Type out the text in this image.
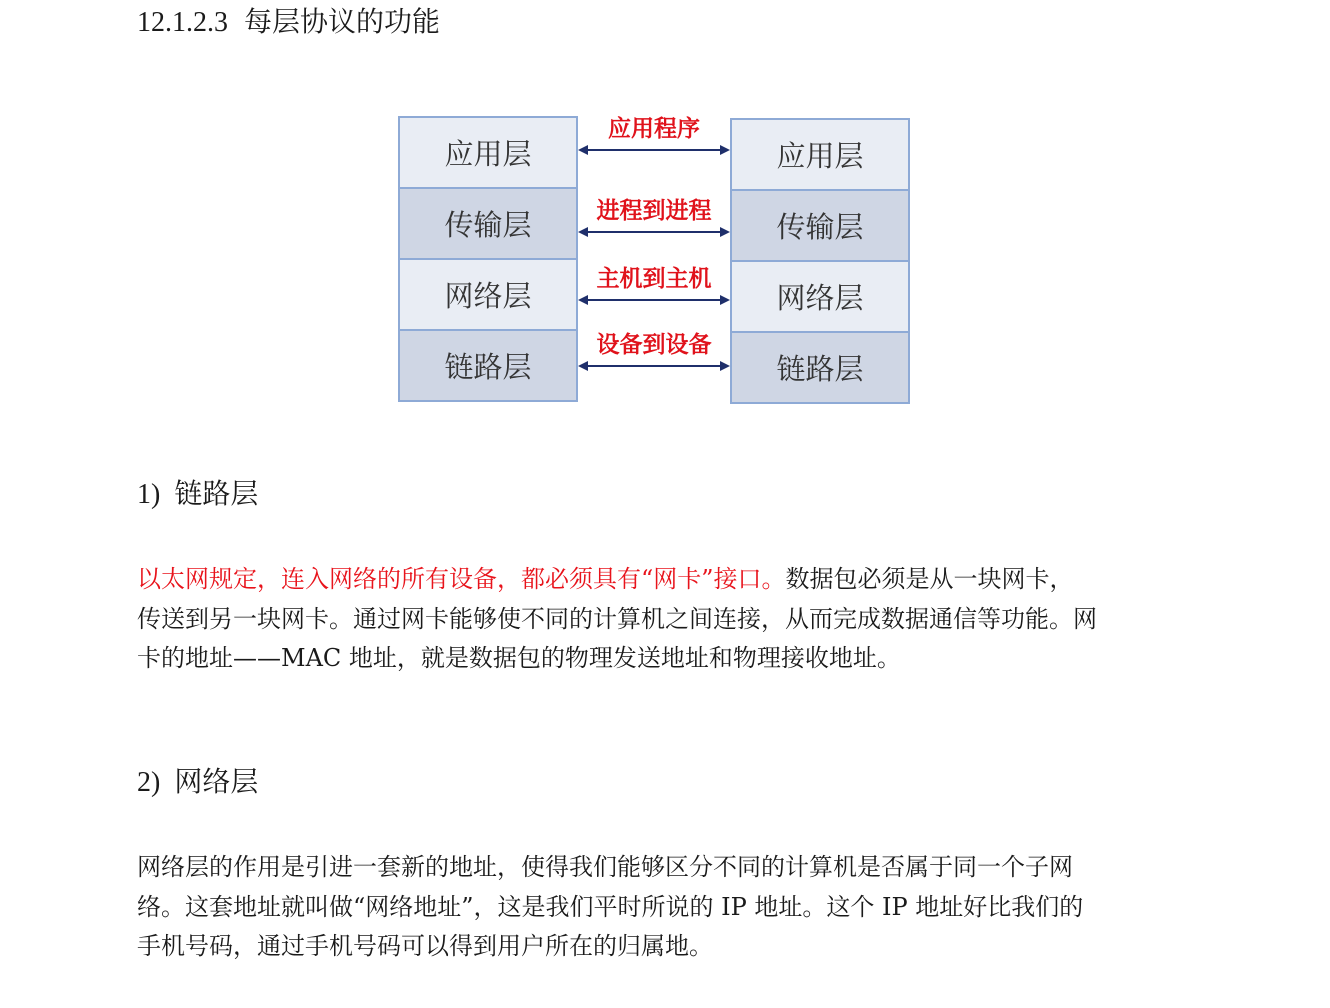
12.1.2.3 每层协议的功能
应用层
传输层
网络层
链路层
应用程序
进程到进程
主机到主机
设备到设备
应用层
传输层
网络层
链路层
1) 链路层
以太网规定，连入网络的所有设备，都必须具有“网卡”接口。数据包必须是从一块网卡，
传送到另一块网卡。通过网卡能够使不同的计算机之间连接，从而完成数据通信等功能。网
卡的地址——MAC 地址，就是数据包的物理发送地址和物理接收地址。
2) 网络层
网络层的作用是引进一套新的地址，使得我们能够区分不同的计算机是否属于同一个子网
络。这套地址就叫做“网络地址”，这是我们平时所说的 IP 地址。这个 IP 地址好比我们的
手机号码，通过手机号码可以得到用户所在的归属地。
